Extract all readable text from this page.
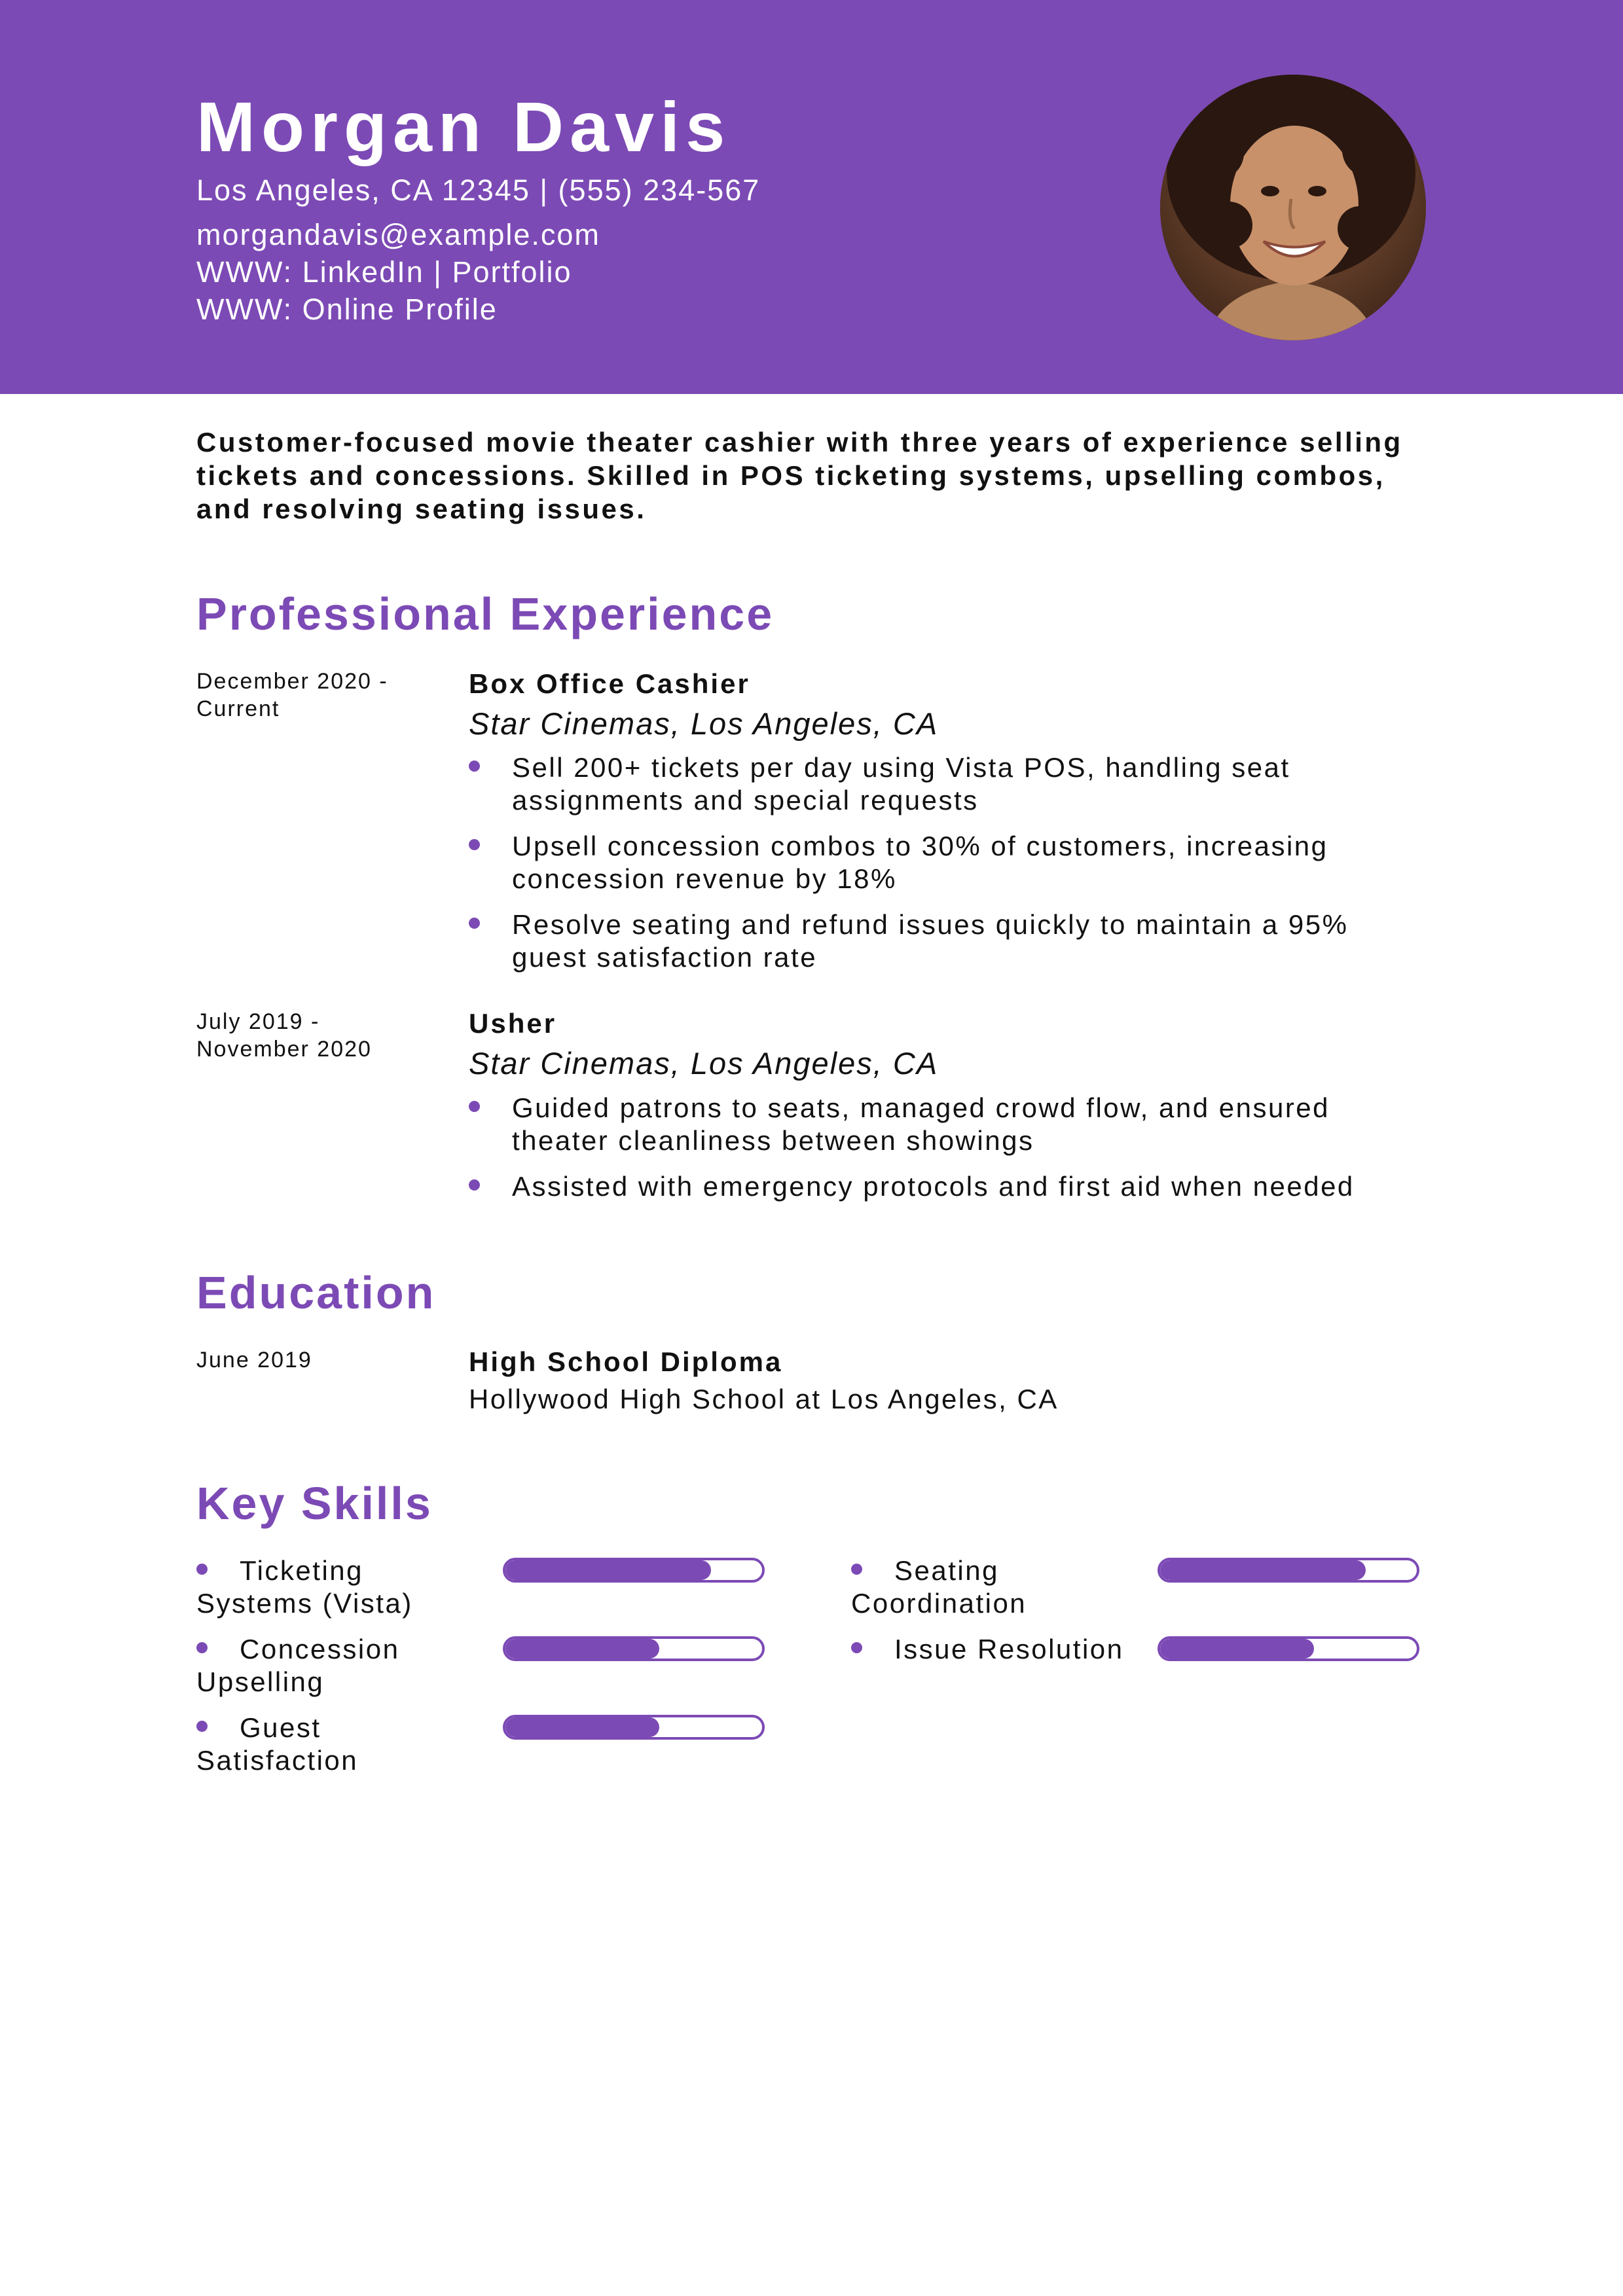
Morgan Davis
Los Angeles, CA 12345 | (555) 234-567
morgandavis@example.com
WWW: LinkedIn | Portfolio
WWW: Online Profile

Customer-focused movie theater cashier with three years of experience selling tickets and concessions. Skilled in POS ticketing systems, upselling combos, and resolving seating issues.

Professional Experience
December 2020 - Current
Box Office Cashier
Star Cinemas, Los Angeles, CA
Sell 200+ tickets per day using Vista POS, handling seat assignments and special requests
Upsell concession combos to 30% of customers, increasing concession revenue by 18%
Resolve seating and refund issues quickly to maintain a 95% guest satisfaction rate
July 2019 - November 2020
Usher
Star Cinemas, Los Angeles, CA
Guided patrons to seats, managed crowd flow, and ensured theater cleanliness between showings
Assisted with emergency protocols and first aid when needed
Education
June 2019	High School Diploma
Hollywood High School at Los Angeles, CA
Key Skills
Ticketing Systems (Vista)
Seating Coordination
Concession Upselling
Issue Resolution
Guest Satisfaction
